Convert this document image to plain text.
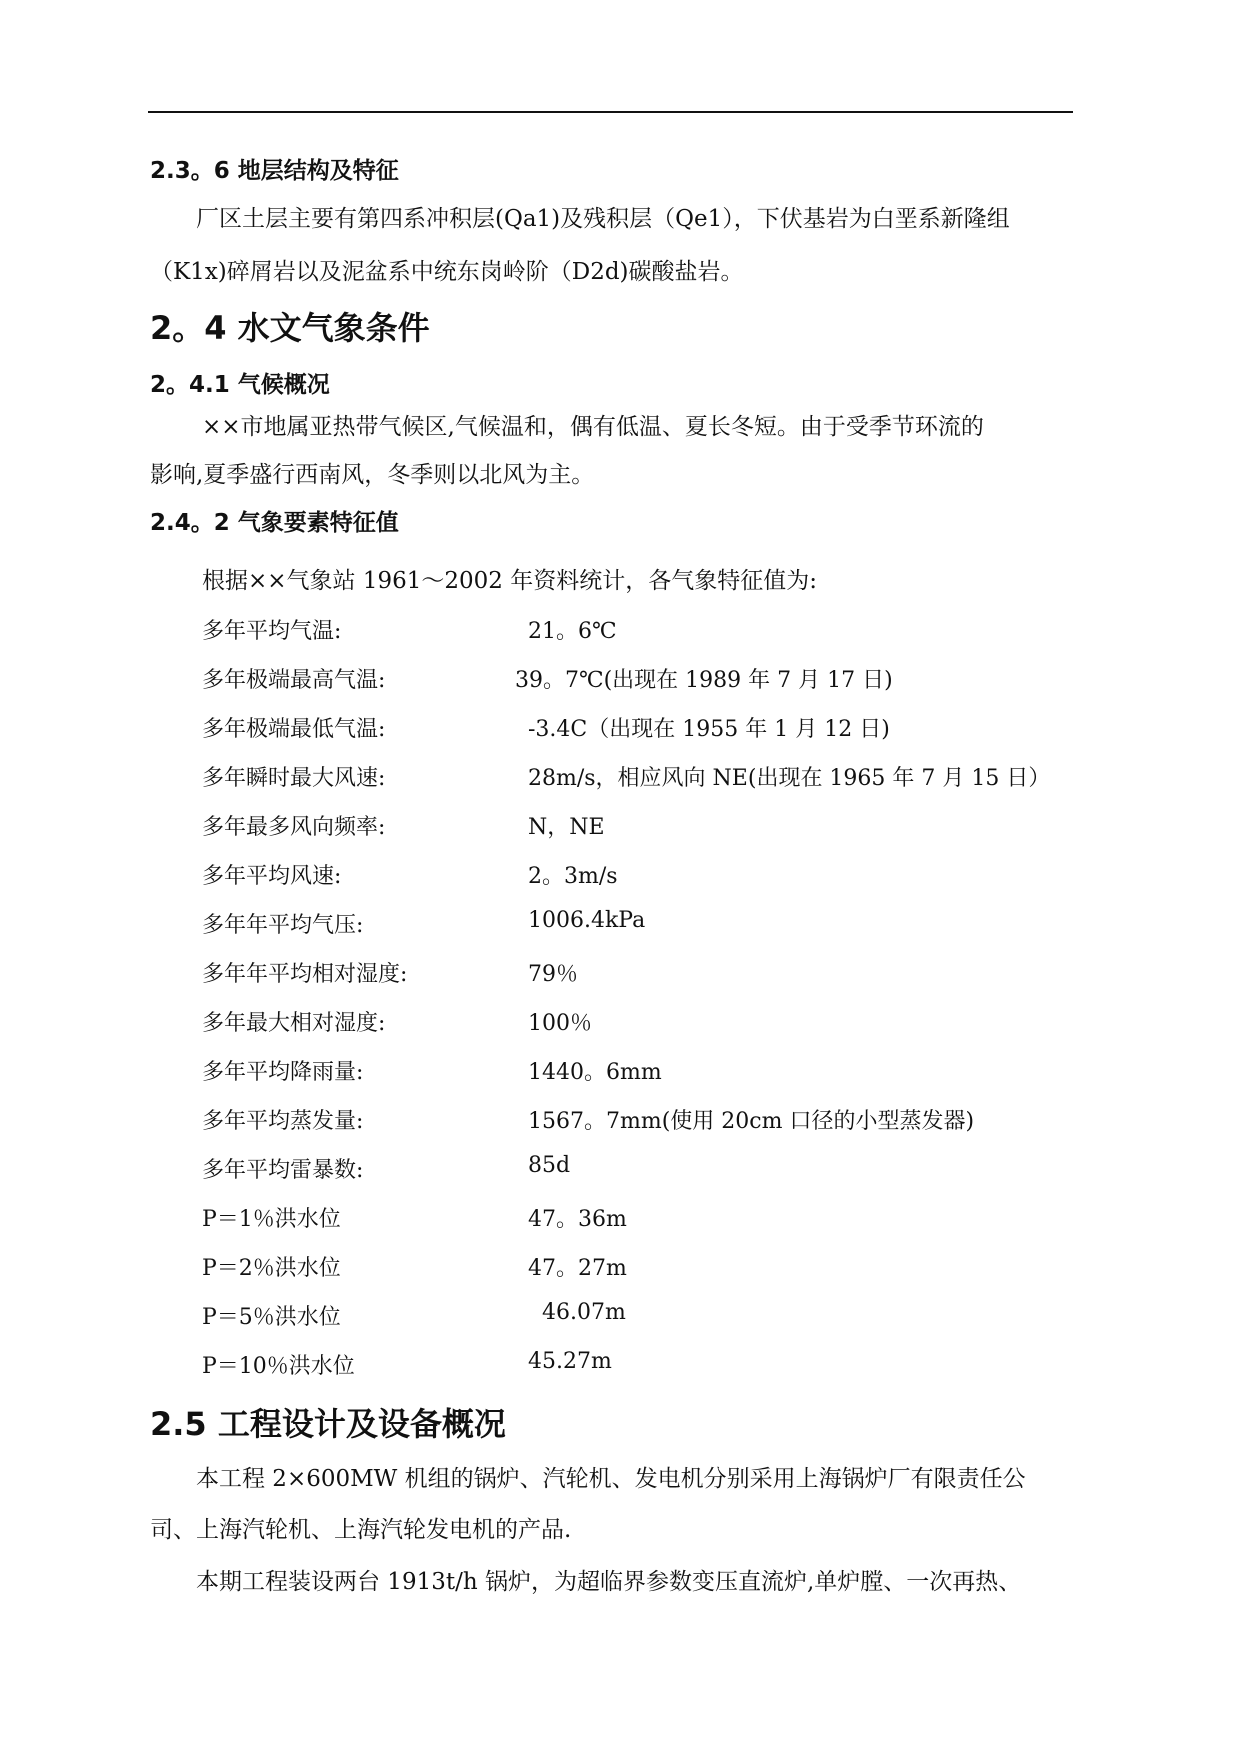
2.3。6 地层结构及特征
厂区土层主要有第四系冲积层(Qa1)及残积层（Qe1），下伏基岩为白垩系新隆组
（K1x)碎屑岩以及泥盆系中统东岗岭阶（D2d)碳酸盐岩。
2。4 水文气象条件
2。4.1 气候概况
××市地属亚热带气候区,气候温和，偶有低温、夏长冬短。由于受季节环流的
影响,夏季盛行西南风，冬季则以北风为主。
2.4。2 气象要素特征值
根据××气象站 1961～2002 年资料统计，各气象特征值为:
多年平均气温:	21。6℃
多年极端最高气温:	39。7℃(出现在 1989 年 7 月 17 日)
多年极端最低气温:	-3.4C（出现在 1955 年 1 月 12 日)
多年瞬时最大风速:	28m/s，相应风向 NE(出现在 1965 年 7 月 15 日）
多年最多风向频率:	N，NE
多年平均风速:	2。3m/s
多年年平均气压:	1006.4kPa
多年年平均相对湿度:	79％
多年最大相对湿度:	100％
多年平均降雨量:	1440。6mm
多年平均蒸发量:	1567。7mm(使用 20cm 口径的小型蒸发器)
多年平均雷暴数:	85d
P＝1％洪水位	47。36m
P＝2％洪水位	47。27m
P＝5％洪水位	46.07m
P＝10％洪水位	45.27m
2.5 工程设计及设备概况
本工程 2×600MW 机组的锅炉、汽轮机、发电机分别采用上海锅炉厂有限责任公
司、上海汽轮机、上海汽轮发电机的产品.
本期工程装设两台 1913t/h 锅炉，为超临界参数变压直流炉,单炉膛、一次再热、
